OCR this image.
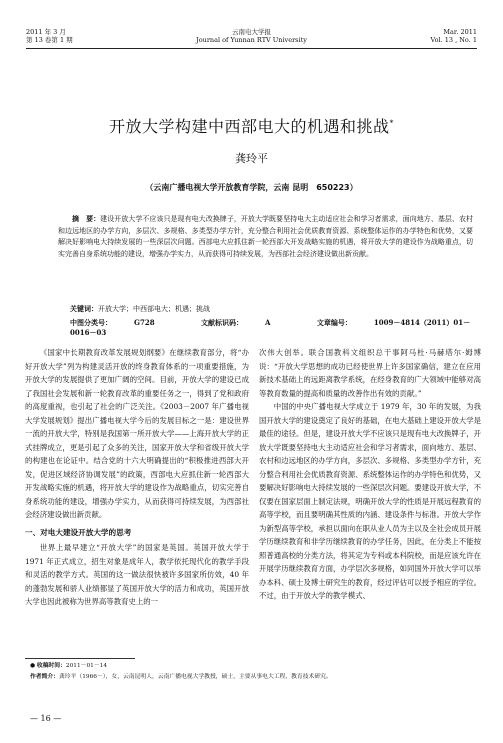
2011 年 3 月
第 13 卷第 1 期
云南电大学报
Journal of Yunnan RTV University
Mar. 2011
Vol. 13 , No. 1
开放大学构建中西部电大的机遇和挑战*
龚玲平
（云南广播电视大学开放教育学院，云南 昆明　650223）
摘　要：建设开放大学不应该只是现有电大改换牌子，开放大学既要坚持电大主动适应社会和学习者需求，面向地方、基层、农村和边远地区的办学方向，多层次、多规格、多类型办学方针，充分整合利用社会优质教育资源、系统整体运作的办学特色和优势，又要解决好影响电大持续发展的一些深层次问题。西部电大应抓住新一轮西部大开发战略实施的机遇，将开放大学的建设作为战略重点，切实完善自身系统功能的建设，增强办学实力，从而获得可持续发展，为西部社会经济建设做出新贡献。
关键词：开放大学；中西部电大；机遇；挑战
中图分类号：	G728	文献标识码：	A	文章编号：	1009－4814（2011）01－0016－03

《国家中长期教育改革发展规划纲要》在继续教育部分，将“办好开放大学”列为构建灵活开放的终身教育体系的一项重要措施，为开放大学的发展提供了更加广阔的空间。目前，开放大学的建设已成了我国社会发展和新一轮教育改革的重要任务之一，得到了党和政府的高度重视，也引起了社会的广泛关注。《2003－2007 年广播电视大学发展规划》提出广播电视大学今后的发展目标之一是：建设世界一流的开放大学，特别是我国第一所开放大学——上海开放大学的正式挂牌成立，更是引起了众多的关注，国家开放大学和省级开放大学的构建也在论证中。结合党的十六大明确提出的“积极推进西部大开发，促进区域经济协调发展”的政策，西部电大应抓住新一轮西部大开发战略实施的机遇，将开放大学的建设作为战略重点，切实完善自身系统功能的建设，增强办学实力，从而获得可持续发展，为西部社会经济建设做出新贡献。

一、对电大建设开放大学的思考

世界上最早建立“开放大学”的国家是英国。英国开放大学于 1971 年正式成立，招生对象是成年人，教学依托现代化的教学手段和灵活的教学方式。英国的这一做法很快被许多国家所仿效，40 年的蓬勃发展和骄人业绩都显了英国开放大学的活力和成功，英国开放大学也因此被称为世界高等教育史上的一

次伟大创举。联合国教科文组织总干事阿马杜·马赫塔尔·姆博说：“开放大学思想的成功已经使世界上许多国家确信，建立在应用新技术基础上的远距离教学系统，在经身教育的广大领域中能够对高等教育数量的提高和质量的改善作出有效的贡献。”

中国的中央广播电视大学成立于 1979 年，30 年的发展，为我国开放大学的建设奠定了良好的基础，在电大基础上建设开放大学是最佳的途径。但是，建设开放大学不应该只是现有电大改换牌子，开放大学既要坚持电大主动适应社会和学习者需求，面向地方、基层、农村和边远地区的办学方向，多层次、多规格、多类型办学方针，充分整合利用社会优质教育资源、系统整体运作的办学特色和优势，又要解决好影响电大持续发展的一些深层次问题。要建设开放大学，不仅要在国家层面上制定法规，明确开放大学的性质是开展远程教育的高等学校，而且要明确其性质的内涵、建设条件与标准。开放大学作为新型高等学校，承担以面向在职从业人员为主以及全社会成员开展学历继续教育和非学历继续教育的办学任务，因此，在分类上不能按照普通高校的分类方法，将其定为专科或本科院校，而是应该允许在开展学历继续教育方面，办学层次多规格，如同国外开放大学可以举办本科、硕士及博士研究生的教育，经过评估可以授予相应的学位。不过，由于开放大学的教学模式、

● 收稿时间：2011－01－14
作者简介：龚玲平（1966－），女，云南昆明人，云南广播电视大学教授，硕士，主要从事电大工程、教育技术研究。
— 16 —
